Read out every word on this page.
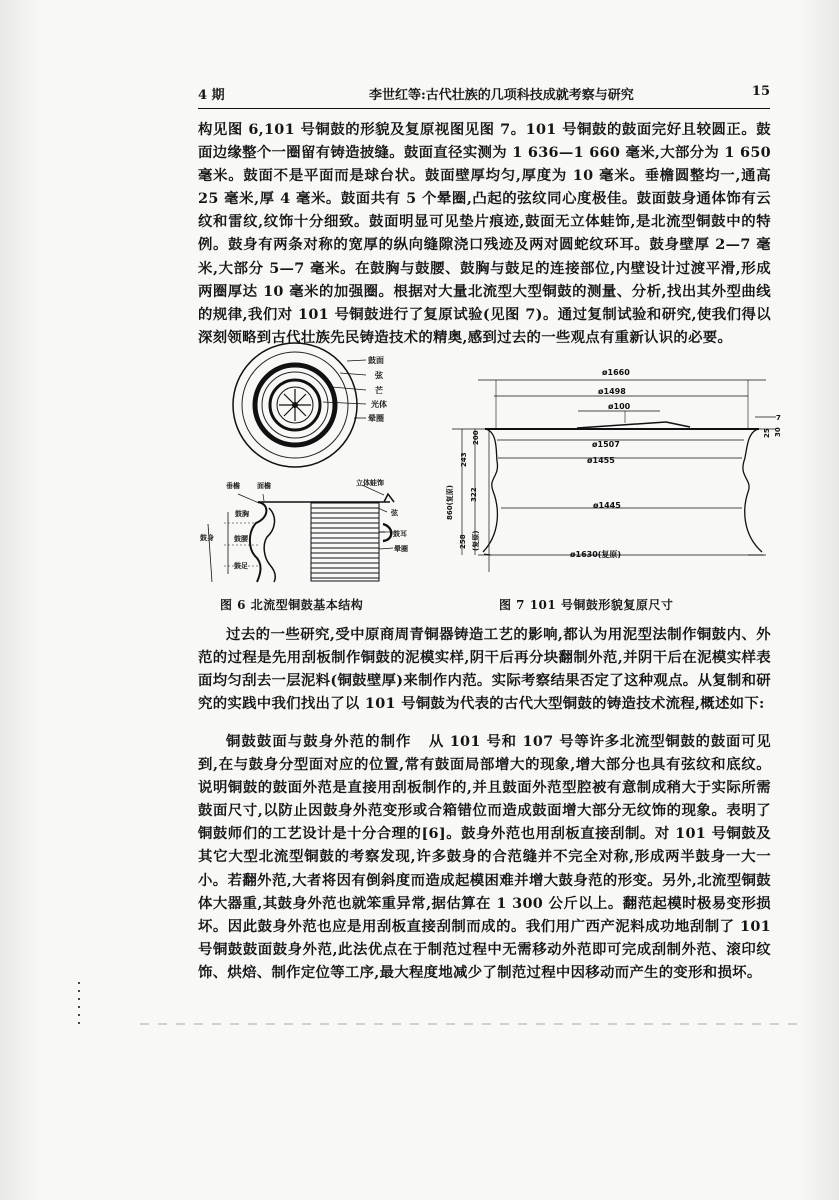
4 期	李世红等:古代壮族的几项科技成就考察与研究	15
构见图 6,101 号铜鼓的形貌及复原视图见图 7。101 号铜鼓的鼓面完好且较圆正。鼓面边缘整个一圈留有铸造披缝。鼓面直径实测为 1 636—1 660 毫米,大部分为 1 650 毫米。鼓面不是平面而是球台状。鼓面壁厚均匀,厚度为 10 毫米。垂檐圆整均一,通高 25 毫米,厚 4 毫米。鼓面共有 5 个晕圈,凸起的弦纹同心度极佳。鼓面鼓身通体饰有云纹和雷纹,纹饰十分细致。鼓面明显可见垫片痕迹,鼓面无立体蛙饰,是北流型铜鼓中的特例。鼓身有两条对称的宽厚的纵向缝隙浇口残迹及两对圆蛇纹环耳。鼓身壁厚 2—7 毫米,大部分 5—7 毫米。在鼓胸与鼓腰、鼓胸与鼓足的连接部位,内壁设计过渡平滑,形成两圈厚达 10 毫米的加强圈。根据对大量北流型大型铜鼓的测量、分析,找出其外型曲线的规律,我们对 101 号铜鼓进行了复原试验(见图 7)。通过复制试验和研究,使我们得以深刻领略到古代壮族先民铸造技术的精奥,感到过去的一些观点有重新认识的必要。
鼓面
弦
芒
光体
晕圈
垂檐 面檐	立体蛙饰
鼓胸
鼓身	鼓腰
鼓足
弦
鼓耳
晕圈
ø1660
ø1498
ø100
ø1507
ø1455
ø1445
ø1630(复原)
860(复原)
243
200
322
258 (复原)
7
30
25
图 6 北流型铜鼓基本结构	图 7 101 号铜鼓形貌复原尺寸
过去的一些研究,受中原商周青铜器铸造工艺的影响,都认为用泥型法制作铜鼓内、外范的过程是先用刮板制作铜鼓的泥模实样,阴干后再分块翻制外范,并阴干后在泥模实样表面均匀刮去一层泥料(铜鼓壁厚)来制作内范。实际考察结果否定了这种观点。从复制和研究的实践中我们找出了以 101 号铜鼓为代表的古代大型铜鼓的铸造技术流程,概述如下:
铜鼓鼓面与鼓身外范的制作 从 101 号和 107 号等许多北流型铜鼓的鼓面可见到,在与鼓身分型面对应的位置,常有鼓面局部增大的现象,增大部分也具有弦纹和底纹。说明铜鼓的鼓面外范是直接用刮板制作的,并且鼓面外范型腔被有意制成稍大于实际所需鼓面尺寸,以防止因鼓身外范变形或合箱错位而造成鼓面增大部分无纹饰的现象。表明了铜鼓师们的工艺设计是十分合理的[6]。鼓身外范也用刮板直接刮制。对 101 号铜鼓及其它大型北流型铜鼓的考察发现,许多鼓身的合范缝并不完全对称,形成两半鼓身一大一小。若翻外范,大者将因有倒斜度而造成起模困难并增大鼓身范的形变。另外,北流型铜鼓体大器重,其鼓身外范也就笨重异常,据估算在 1 300 公斤以上。翻范起模时极易变形损坏。因此鼓身外范也应是用刮板直接刮制而成的。我们用广西产泥料成功地刮制了 101 号铜鼓鼓面鼓身外范,此法优点在于制范过程中无需移动外范即可完成刮制外范、滚印纹饰、烘焙、制作定位等工序,最大程度地减少了制范过程中因移动而产生的变形和损坏。
